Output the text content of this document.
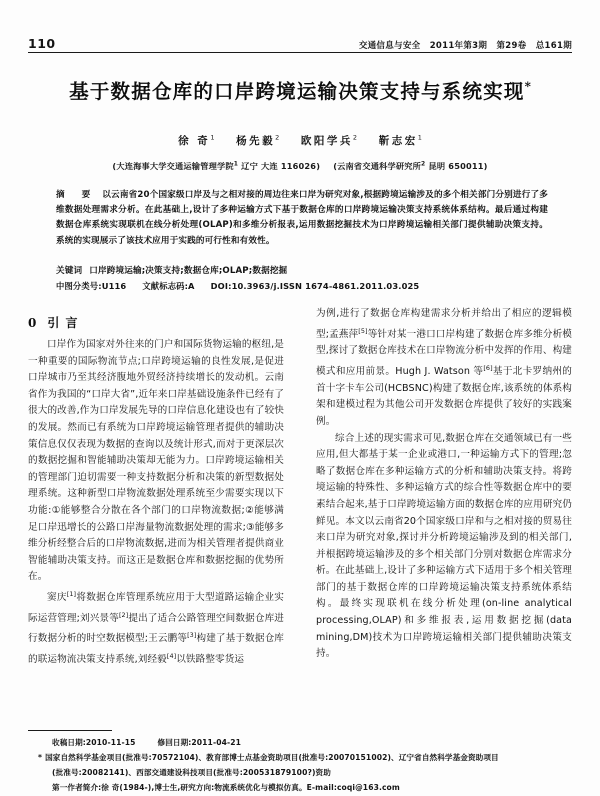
110	交通信息与安全 2011年第3期 第29卷 总161期
基于数据仓库的口岸跨境运输决策支持与系统实现*
徐 奇$^1$ 杨先毅$^2$ 欧阳学兵$^2$ 靳志宏$^1$
(大连海事大学交通运输管理学院$^1$ 辽宁 大连 116026) (云南省交通科学研究所$^2$ 昆明 650011)
摘 要 以云南省20个国家级口岸及与之相对接的周边往来口岸为研究对象,根据跨境运输涉及的多个相关部门分别进行了多维数据处理需求分析。在此基础上,设计了多种运输方式下基于数据仓库的口岸跨境运输决策支持系统体系结构。最后通过构建数据仓库系统实现联机在线分析处理(OLAP)和多维分析报表,运用数据挖掘技术为口岸跨境运输相关部门提供辅助决策支持。系统的实现展示了该技术应用于实践的可行性和有效性。
关键词 口岸跨境运输;决策支持;数据仓库;OLAP;数据挖掘
中图分类号:U116 文献标志码:A DOI:10.3963/j.ISSN 1674-4861.2011.03.025
0 引 言

口岸作为国家对外往来的门户和国际货物运输的枢纽,是一种重要的国际物流节点;口岸跨境运输的良性发展,是促进口岸城市乃至其经济腹地外贸经济持续增长的发动机。云南省作为我国的“口岸大省”,近年来口岸基础设施条件已经有了很大的改善,作为口岸发展先导的口岸信息化建设也有了较快的发展。然而已有系统为口岸跨境运输管理者提供的辅助决策信息仅仅表现为数据的查询以及统计形式,而对于更深层次的数据挖掘和智能辅助决策却无能为力。口岸跨境运输相关的管理部门迫切需要一种支持数据分析和决策的新型数据处理系统。这种新型口岸物流数据处理系统至少需要实现以下功能:①能够整合分散在各个部门的口岸物流数据;②能够满足口岸迅增长的公路口岸海量物流数据处理的需求;③能够多维分析经整合后的口岸物流数据,进而为相关管理者提供商业智能辅助决策支持。而这正是数据仓库和数据挖掘的优势所在。

窦庆[1]将数据仓库管理系统应用于大型道路运输企业实际运营管理;刘兴景等[2]提出了适合公路管理空间数据仓库进行数据分析的时空数据模型;王云鹏等[3]构建了基于数据仓库的联运物流决策支持系统,刘经毅[4]以铁路整零货运

为例,进行了数据仓库构建需求分析并给出了相应的逻辑模型;孟燕萍[5]等针对某一港口口岸构建了数据仓库多维分析模型,探讨了数据仓库技术在口岸物流分析中发挥的作用、构建模式和应用前景。Hugh J. Watson 等[6]基于北卡罗纳州的首十字卡车公司(HCBSNC)构建了数据仓库,该系统的体系构架和建模过程为其他公司开发数据仓库提供了较好的实践案例。

综合上述的现实需求可见,数据仓库在交通领域已有一些应用,但大都基于某一企业或港口,一种运输方式下的管理;忽略了数据仓库在多种运输方式的分析和辅助决策支持。将跨境运输的特殊性、多种运输方式的综合性等数据仓库中的要素结合起来,基于口岸跨境运输方面的数据仓库的应用研究仍鲜见。本文以云南省20个国家级口岸和与之相对接的贸易往来口岸为研究对象,探讨并分析跨境运输涉及到的相关部门,并根据跨境运输涉及的多个相关部门分别对数据仓库需求分析。在此基础上,设计了多种运输方式下适用于多个相关管理部门的基于数据仓库的口岸跨境运输决策支持系统体系结构。最终实现联机在线分析处理(on-line analytical processing,OLAP)和多维报表,运用数据挖掘(data mining,DM)技术为口岸跨境运输相关部门提供辅助决策支持。

收稿日期:2010-11-15	修回日期:2011-04-21
* 国家自然科学基金项目(批准号:70572104)、教育部博士点基金资助项目(批准号:20070151002)、辽宁省自然科学基金资助项目
(批准号:20082141)、西部交通建设科技项目(批准号:200531879100?)资助
第一作者简介:徐 奇(1984-),博士生,研究方向:物流系统优化与模拟仿真。E-mail:coqi@163.com
